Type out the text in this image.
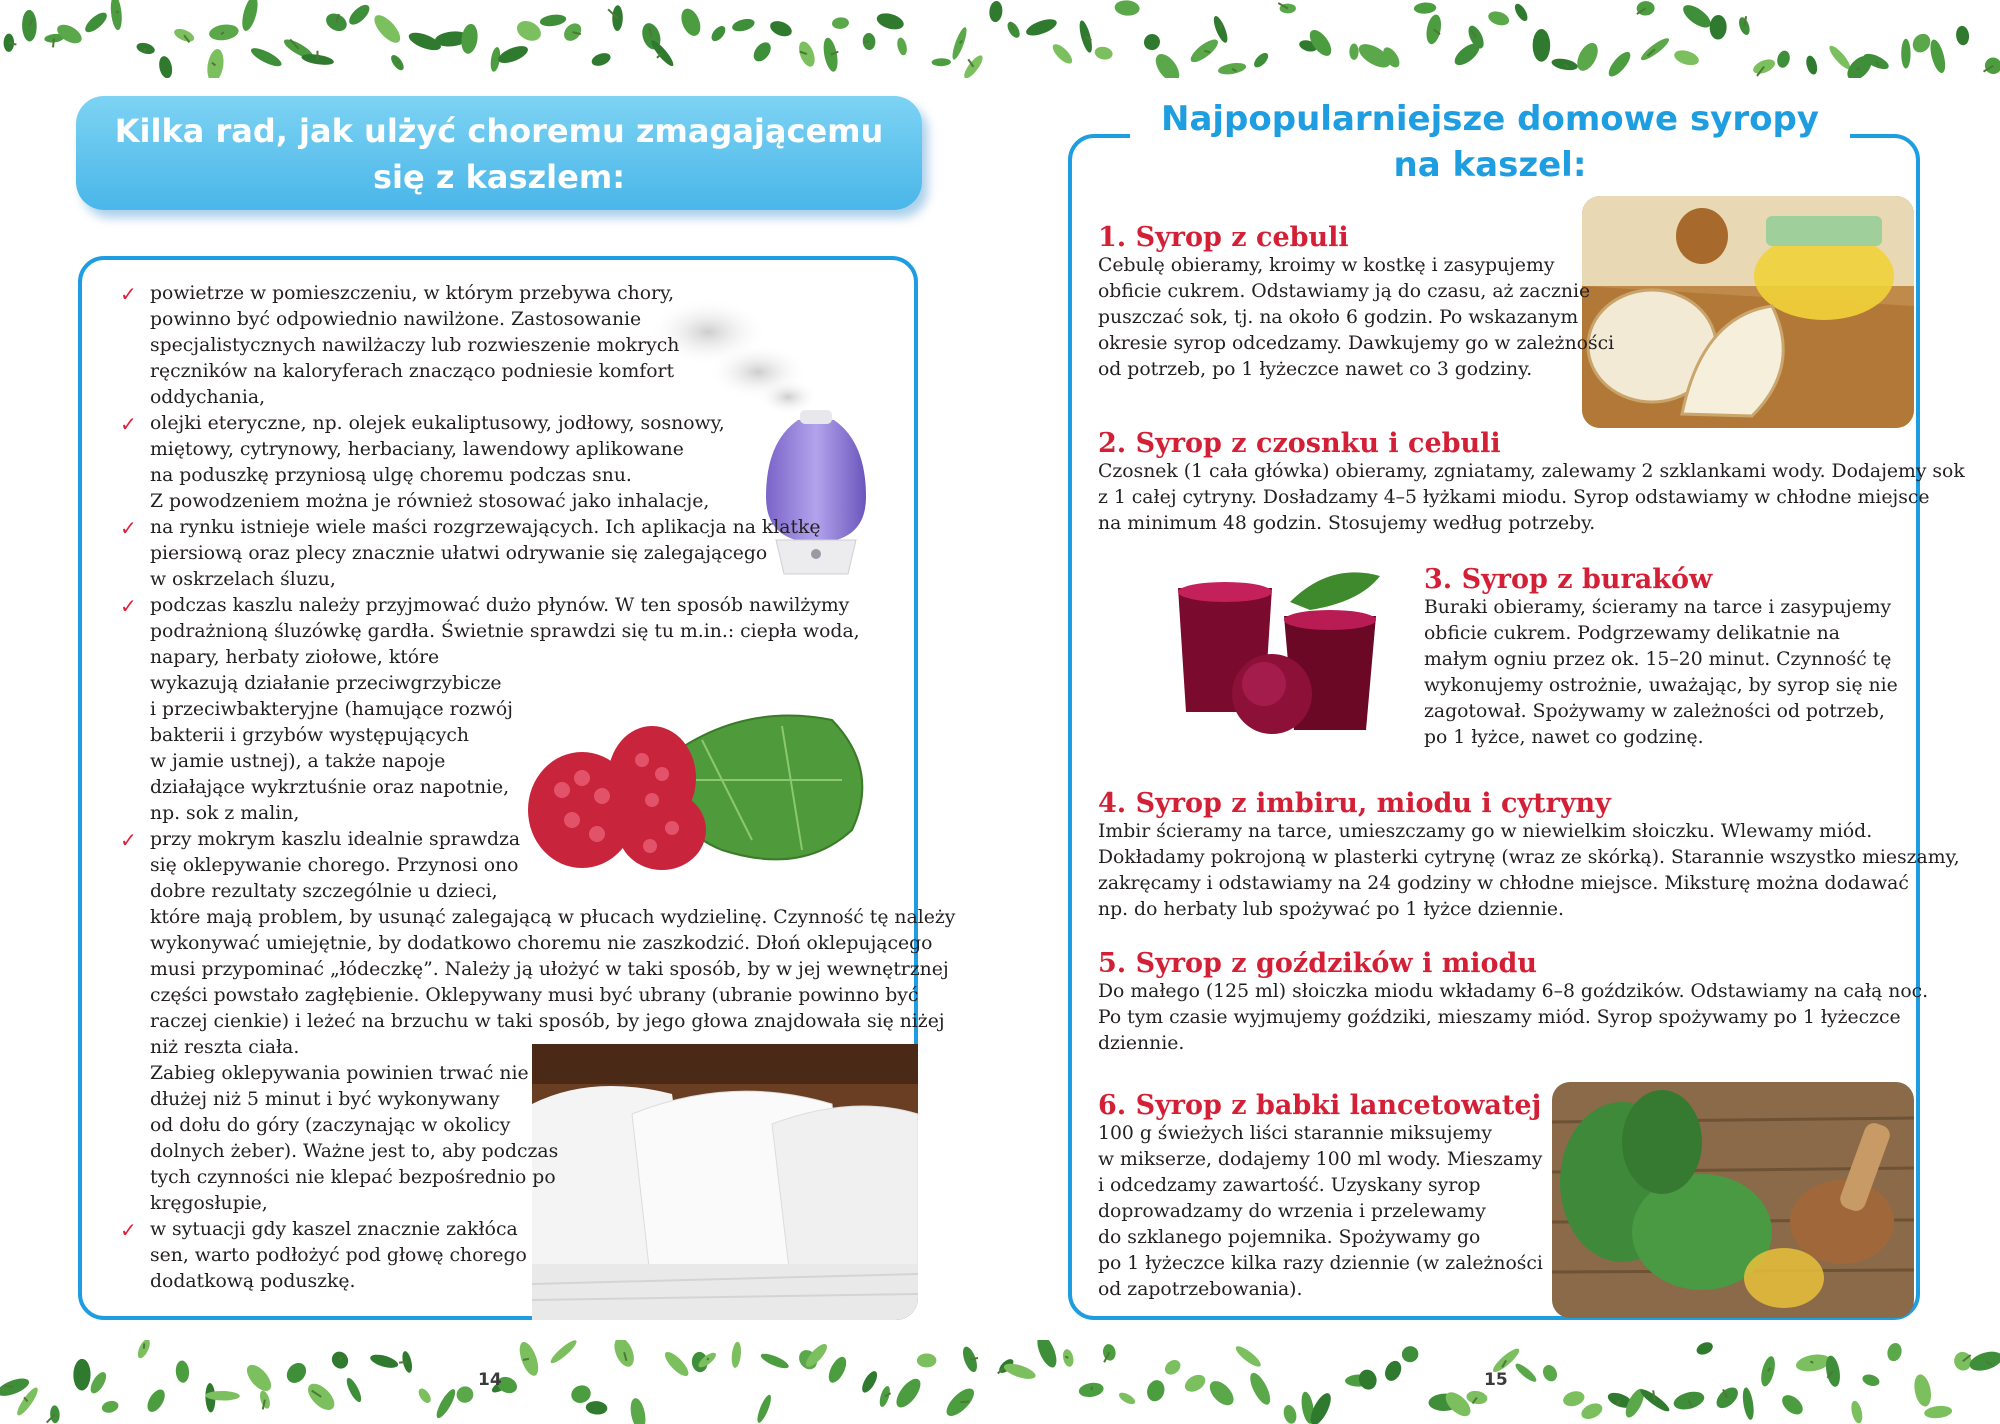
Kilka rad, jak ulżyć choremu zmagającemu
się z kaszlem:
powietrze w pomieszczeniu, w którym przebywa chory,
✓
powinno być odpowiednio nawilżone. Zastosowanie
specjalistycznych nawilżaczy lub rozwieszenie mokrych
ręczników na kaloryferach znacząco podniesie komfort
oddychania,
olejki eteryczne, np. olejek eukaliptusowy, jodłowy, sosnowy,
✓
miętowy, cytrynowy, herbaciany, lawendowy aplikowane
na poduszkę przyniosą ulgę choremu podczas snu.
Z powodzeniem można je również stosować jako inhalacje,
na rynku istnieje wiele maści rozgrzewających. Ich aplikacja na klatkę
✓
piersiową oraz plecy znacznie ułatwi odrywanie się zalegającego
w oskrzelach śluzu,
podczas kaszlu należy przyjmować dużo płynów. W ten sposób nawilżymy
✓
podrażnioną śluzówkę gardła. Świetnie sprawdzi się tu m.in.: ciepła woda,
napary, herbaty ziołowe, które
wykazują działanie przeciwgrzybicze
i przeciwbakteryjne (hamujące rozwój
bakterii i grzybów występujących
w jamie ustnej), a także napoje
działające wykrztuśnie oraz napotnie,
np. sok z malin,
przy mokrym kaszlu idealnie sprawdza
✓
się oklepywanie chorego. Przynosi ono
dobre rezultaty szczególnie u dzieci,
które mają problem, by usunąć zalegającą w płucach wydzielinę. Czynność tę należy
wykonywać umiejętnie, by dodatkowo choremu nie zaszkodzić. Dłoń oklepującego
musi przypominać „łódeczkę”. Należy ją ułożyć w taki sposób, by w jej wewnętrznej
części powstało zagłębienie. Oklepywany musi być ubrany (ubranie powinno być
raczej cienkie) i leżeć na brzuchu w taki sposób, by jego głowa znajdowała się niżej
niż reszta ciała.
Zabieg oklepywania powinien trwać nie
dłużej niż 5 minut i być wykonywany
od dołu do góry (zaczynając w okolicy
dolnych żeber). Ważne jest to, aby podczas
tych czynności nie klepać bezpośrednio po
kręgosłupie,
w sytuacji gdy kaszel znacznie zakłóca
✓
sen, warto podłożyć pod głowę chorego
dodatkową poduszkę.
14
Najpopularniejsze domowe syropy
na kaszel:
1. Syrop z cebuli
Cebulę obieramy, kroimy w kostkę i zasypujemy
obficie cukrem. Odstawiamy ją do czasu, aż zacznie
puszczać sok, tj. na około 6 godzin. Po wskazanym
okresie syrop odcedzamy. Dawkujemy go w zależności
od potrzeb, po 1 łyżeczce nawet co 3 godziny.
2. Syrop z czosnku i cebuli
Czosnek (1 cała główka) obieramy, zgniatamy, zalewamy 2 szklankami wody. Dodajemy sok
z 1 całej cytryny. Dosładzamy 4–5 łyżkami miodu. Syrop odstawiamy w chłodne miejsce
na minimum 48 godzin. Stosujemy według potrzeby.
3. Syrop z buraków
Buraki obieramy, ścieramy na tarce i zasypujemy
obficie cukrem. Podgrzewamy delikatnie na
małym ogniu przez ok. 15–20 minut. Czynność tę
wykonujemy ostrożnie, uważając, by syrop się nie
zagotował. Spożywamy w zależności od potrzeb,
po 1 łyżce, nawet co godzinę.
4. Syrop z imbiru, miodu i cytryny
Imbir ścieramy na tarce, umieszczamy go w niewielkim słoiczku. Wlewamy miód.
Dokładamy pokrojoną w plasterki cytrynę (wraz ze skórką). Starannie wszystko mieszamy,
zakręcamy i odstawiamy na 24 godziny w chłodne miejsce. Miksturę można dodawać
np. do herbaty lub spożywać po 1 łyżce dziennie.
5. Syrop z goździków i miodu
Do małego (125 ml) słoiczka miodu wkładamy 6–8 goździków. Odstawiamy na całą noc.
Po tym czasie wyjmujemy goździki, mieszamy miód. Syrop spożywamy po 1 łyżeczce
dziennie.
6. Syrop z babki lancetowatej
100 g świeżych liści starannie miksujemy
w mikserze, dodajemy 100 ml wody. Mieszamy
i odcedzamy zawartość. Uzyskany syrop
doprowadzamy do wrzenia i przelewamy
do szklanego pojemnika. Spożywamy go
po 1 łyżeczce kilka razy dziennie (w zależności
od zapotrzebowania).
15
